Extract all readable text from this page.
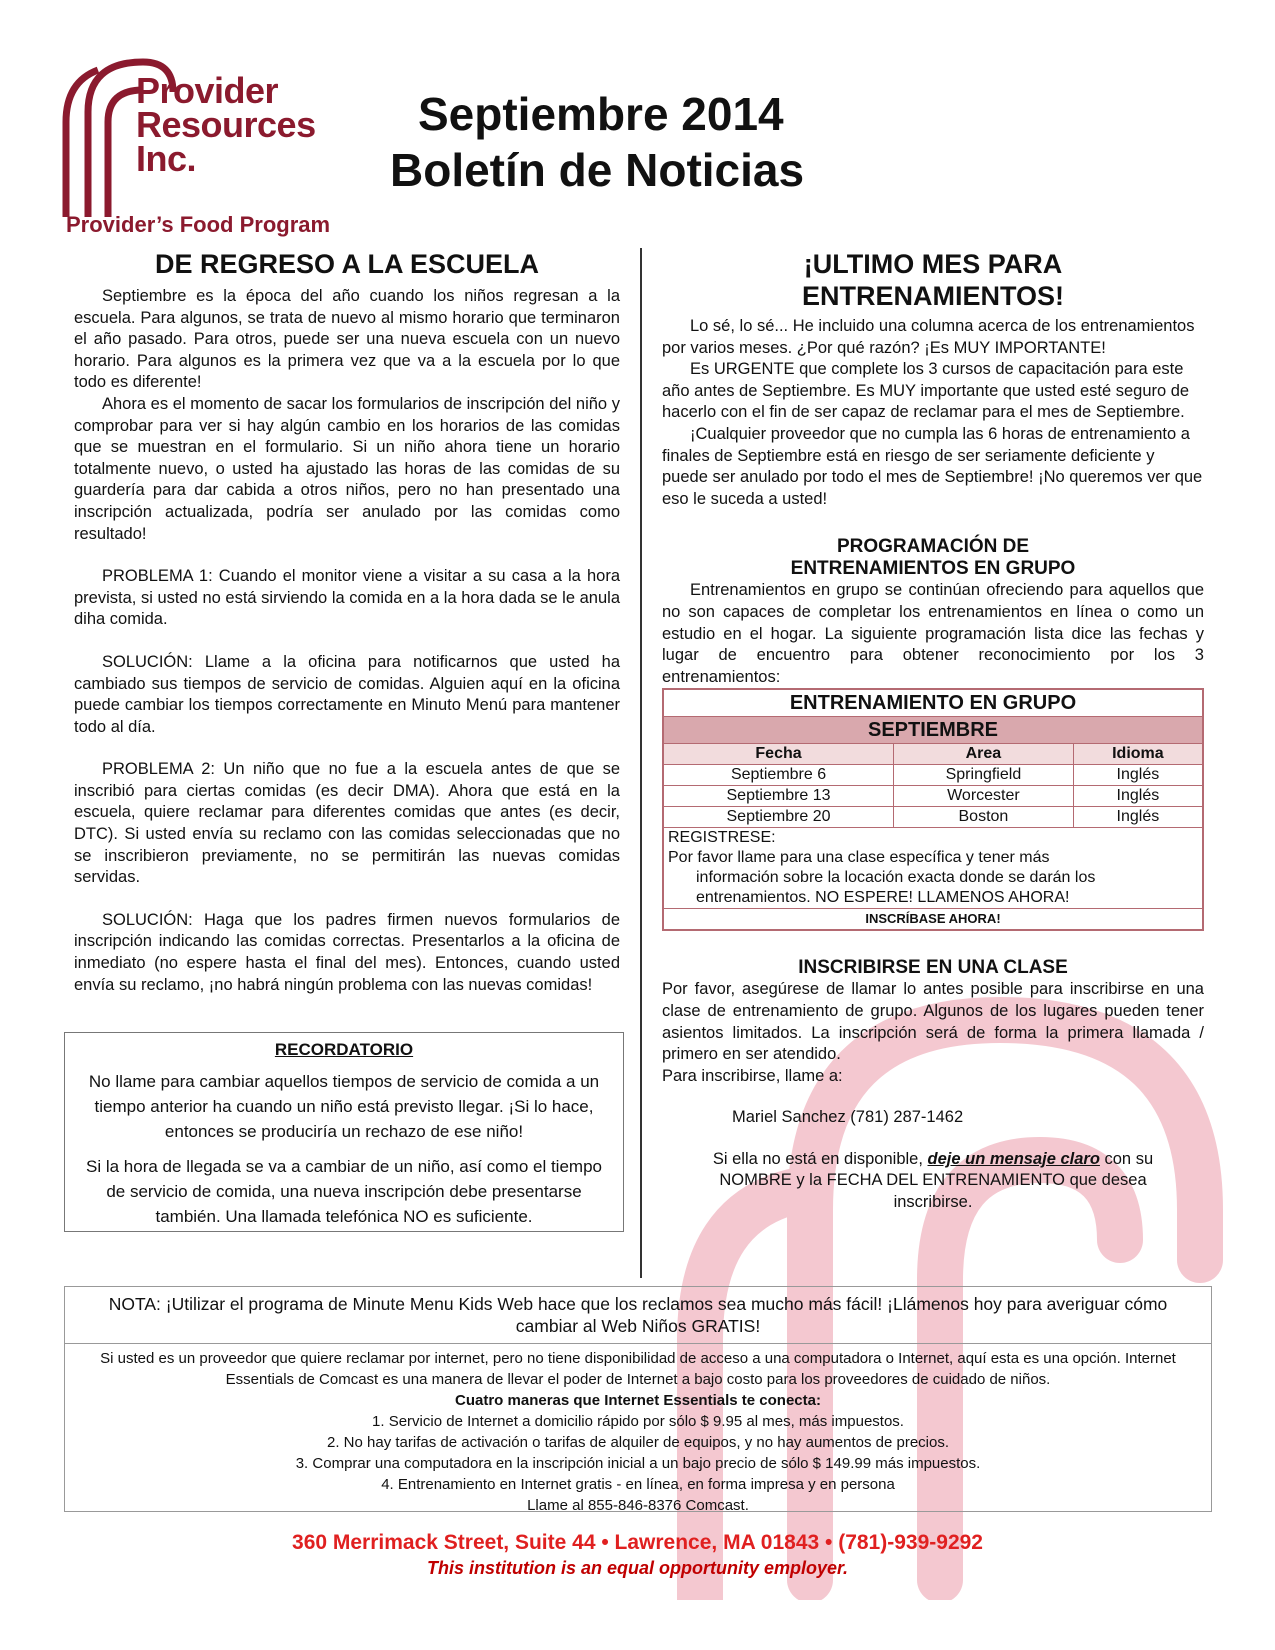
Provider
Resources
Inc.
Provider’s Food Program
Septiembre 2014
Boletín de Noticias
DE REGRESO A LA ESCUELA

Septiembre es la época del año cuando los niños regresan a la escuela. Para algunos, se trata de nuevo al mismo horario que terminaron el año pasado. Para otros, puede ser una nueva escuela con un nuevo horario. Para algunos es la primera vez que va a la escuela por lo que todo es diferente!

Ahora es el momento de sacar los formularios de inscripción del niño y comprobar para ver si hay algún cambio en los horarios de las comidas que se muestran en el formulario. Si un niño ahora tiene un horario totalmente nuevo, o usted ha ajustado las horas de las comidas de su guardería para dar cabida a otros niños, pero no han presentado una inscripción actualizada, podría ser anulado por las comidas como resultado!

PROBLEMA 1: Cuando el monitor viene a visitar a su casa a la hora prevista, si usted no está sirviendo la comida en a la hora dada se le anula diha comida.

SOLUCIÓN: Llame a la oficina para notificarnos que usted ha cambiado sus tiempos de servicio de comidas. Alguien aquí en la oficina puede cambiar los tiempos correctamente en Minuto Menú para mantener todo al día.

PROBLEMA 2: Un niño que no fue a la escuela antes de que se inscribió para ciertas comidas (es decir DMA). Ahora que está en la escuela, quiere reclamar para diferentes comidas que antes (es decir, DTC). Si usted envía su reclamo con las comidas seleccionadas que no se inscribieron previamente, no se permitirán las nuevas comidas servidas.

SOLUCIÓN: Haga que los padres firmen nuevos formularios de inscripción indicando las comidas correctas. Presentarlos a la oficina de inmediato (no espere hasta el final del mes). Entonces, cuando usted envía su reclamo, ¡no habrá ningún problema con las nuevas comidas!

RECORDATORIO

No llame para cambiar aquellos tiempos de servicio de comida a un tiempo anterior ha cuando un niño está previsto llegar. ¡Si lo hace, entonces se produciría un rechazo de ese niño!

Si la hora de llegada se va a cambiar de un niño, así como el tiempo de servicio de comida, una nueva inscripción debe presentarse también. Una llamada telefónica NO es suficiente.

¡ULTIMO MES PARA
ENTRENAMIENTOS!

Lo sé, lo sé... He incluido una columna acerca de los entrenamientos por varios meses. ¿Por qué razón? ¡Es MUY IMPORTANTE!

Es URGENTE que complete los 3 cursos de capacitación para este año antes de Septiembre. Es MUY importante que usted esté seguro de hacerlo con el fin de ser capaz de reclamar para el mes de Septiembre.

¡Cualquier proveedor que no cumpla las 6 horas de entrenamiento a finales de Septiembre está en riesgo de ser seriamente deficiente y puede ser anulado por todo el mes de Septiembre! ¡No queremos ver que eso le suceda a usted!

PROGRAMACIÓN DE
ENTRENAMIENTOS EN GRUPO

Entrenamientos en grupo se continúan ofreciendo para aquellos que no son capaces de completar los entrenamientos en línea o como un estudio en el hogar. La siguiente programación lista dice las fechas y lugar de encuentro para obtener reconocimiento por los 3 entrenamientos:

ENTRENAMIENTO EN GRUPO		
SEPTIEMBRE		
Fecha	Area	Idioma
Septiembre 6	Springfield	Inglés
Septiembre 13	Worcester	Inglés
Septiembre 20	Boston	Inglés

REGISTRESE:
Por favor llame para una clase específica y tener más
información sobre la locación exacta donde se darán los entrenamientos. NO ESPERE! LLAMENOS AHORA!		

INSCRÍBASE AHORA!		
INSCRIBIRSE EN UNA CLASE

Por favor, asegúrese de llamar lo antes posible para inscribirse en una clase de entrenamiento de grupo. Algunos de los lugares pueden tener asientos limitados. La inscripción será de forma la primera llamada / primero en ser atendido.

Para inscribirse, llame a:

Mariel Sanchez (781) 287-1462

Si ella no está en disponible, deje un mensaje claro con su NOMBRE y la FECHA DEL ENTRENAMIENTO que desea inscribirse.

NOTA: ¡Utilizar el programa de Minute Menu Kids Web hace que los reclamos sea mucho más fácil! ¡Llámenos hoy para averiguar cómo cambiar al Web Niños GRATIS!
Si usted es un proveedor que quiere reclamar por internet, pero no tiene disponibilidad de acceso a una computadora o Internet, aquí esta es una opción. Internet Essentials de Comcast es una manera de llevar el poder de Internet a bajo costo para los proveedores de cuidado de niños.
Cuatro maneras que Internet Essentials te conecta:
1. Servicio de Internet a domicilio rápido por sólo $ 9.95 al mes, más impuestos.
2. No hay tarifas de activación o tarifas de alquiler de equipos, y no hay aumentos de precios.
3. Comprar una computadora en la inscripción inicial a un bajo precio de sólo $ 149.99 más impuestos.
4. Entrenamiento en Internet gratis - en línea, en forma impresa y en persona
Llame al 855-846-8376 Comcast.
360 Merrimack Street, Suite 44 • Lawrence, MA 01843 • (781)-939-9292
This institution is an equal opportunity employer.
